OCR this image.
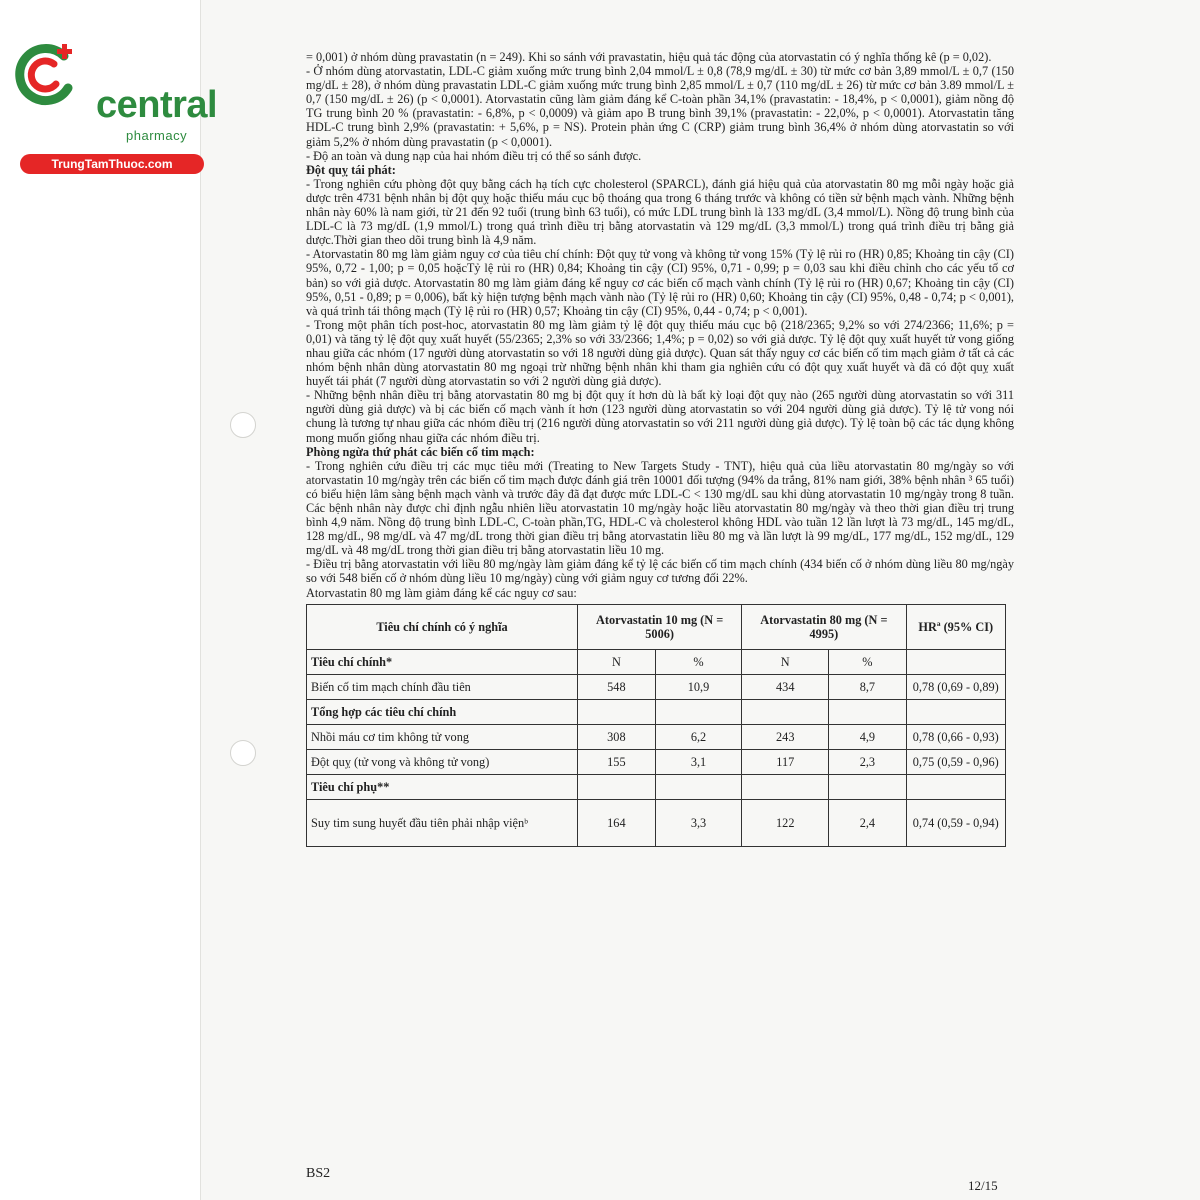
central
pharmacy
TrungTamThuoc.com

= 0,001) ở nhóm dùng pravastatin (n = 249). Khi so sánh với pravastatin, hiệu quả tác động của atorvastatin có ý nghĩa thống kê (p = 0,02).

- Ở nhóm dùng atorvastatin, LDL-C giảm xuống mức trung bình 2,04 mmol/L ± 0,8 (78,9 mg/dL ± 30) từ mức cơ bản 3,89 mmol/L ± 0,7 (150 mg/dL ± 28), ở nhóm dùng pravastatin LDL-C giảm xuống mức trung bình 2,85 mmol/L ± 0,7 (110 mg/dL ± 26) từ mức cơ bản 3.89 mmol/L ± 0,7 (150 mg/dL ± 26) (p < 0,0001). Atorvastatin cũng làm giảm đáng kể C-toàn phần 34,1% (pravastatin: - 18,4%, p < 0,0001), giảm nồng độ TG trung bình 20 % (pravastatin: - 6,8%, p < 0,0009) và giảm apo B trung bình 39,1% (pravastatin: - 22,0%, p < 0,0001). Atorvastatin tăng HDL-C trung bình 2,9% (pravastatin: + 5,6%, p = NS). Protein phản ứng C (CRP) giảm trung bình 36,4% ở nhóm dùng atorvastatin so với giảm 5,2% ở nhóm dùng pravastatin (p < 0,0001).

- Độ an toàn và dung nạp của hai nhóm điều trị có thể so sánh được.

Đột quỵ tái phát:

- Trong nghiên cứu phòng đột quỵ bằng cách hạ tích cực cholesterol (SPARCL), đánh giá hiệu quả của atorvastatin 80 mg mỗi ngày hoặc giả dược trên 4731 bệnh nhân bị đột quỵ hoặc thiếu máu cục bộ thoáng qua trong 6 tháng trước và không có tiền sử bệnh mạch vành. Những bệnh nhân này 60% là nam giới, từ 21 đến 92 tuổi (trung bình 63 tuổi), có mức LDL trung bình là 133 mg/dL (3,4 mmol/L). Nồng độ trung bình của LDL-C là 73 mg/dL (1,9 mmol/L) trong quá trình điều trị bằng atorvastatin và 129 mg/dL (3,3 mmol/L) trong quá trình điều trị bằng giả dược.Thời gian theo dõi trung bình là 4,9 năm.

- Atorvastatin 80 mg làm giảm nguy cơ của tiêu chí chính: Đột quỵ tử vong và không tử vong 15% (Tỷ lệ rủi ro (HR) 0,85; Khoảng tin cậy (CI) 95%, 0,72 - 1,00; p = 0,05 hoặcTỷ lệ rủi ro (HR) 0,84; Khoảng tin cậy (CI) 95%, 0,71 - 0,99; p = 0,03 sau khi điều chỉnh cho các yếu tố cơ bản) so với giả dược. Atorvastatin 80 mg làm giảm đáng kể nguy cơ các biến cố mạch vành chính (Tỷ lệ rủi ro (HR) 0,67; Khoảng tin cậy (CI) 95%, 0,51 - 0,89; p = 0,006), bất kỳ hiện tượng bệnh mạch vành nào (Tỷ lệ rủi ro (HR) 0,60; Khoảng tin cậy (CI) 95%, 0,48 - 0,74; p < 0,001), và quá trình tái thông mạch (Tỷ lệ rủi ro (HR) 0,57; Khoảng tin cậy (CI) 95%, 0,44 - 0,74; p < 0,001).

- Trong một phân tích post-hoc, atorvastatin 80 mg làm giảm tỷ lệ đột quỵ thiếu máu cục bộ (218/2365; 9,2% so với 274/2366; 11,6%; p = 0,01) và tăng tỷ lệ đột quỵ xuất huyết (55/2365; 2,3% so với 33/2366; 1,4%; p = 0,02) so với giả dược. Tỷ lệ đột quỵ xuất huyết tử vong giống nhau giữa các nhóm (17 người dùng atorvastatin so với 18 người dùng giả dược). Quan sát thấy nguy cơ các biến cố tim mạch giảm ở tất cả các nhóm bệnh nhân dùng atorvastatin 80 mg ngoại trừ những bệnh nhân khi tham gia nghiên cứu có đột quỵ xuất huyết và đã có đột quỵ xuất huyết tái phát (7 người dùng atorvastatin so với 2 người dùng giả dược).

- Những bệnh nhân điều trị bằng atorvastatin 80 mg bị đột quỵ ít hơn dù là bất kỳ loại đột quỵ nào (265 người dùng atorvastatin so với 311 người dùng giả dược) và bị các biến cố mạch vành ít hơn (123 người dùng atorvastatin so với 204 người dùng giả dược). Tỷ lệ tử vong nói chung là tương tự nhau giữa các nhóm điều trị (216 người dùng atorvastatin so với 211 người dùng giả dược). Tỷ lệ toàn bộ các tác dụng không mong muốn giống nhau giữa các nhóm điều trị.

Phòng ngừa thứ phát các biến cố tim mạch:

- Trong nghiên cứu điều trị các mục tiêu mới (Treating to New Targets Study - TNT), hiệu quả của liều atorvastatin 80 mg/ngày so với atorvastatin 10 mg/ngày trên các biến cố tim mạch được đánh giá trên 10001 đối tượng (94% da trắng, 81% nam giới, 38% bệnh nhân ³ 65 tuổi) có biểu hiện lâm sàng bệnh mạch vành và trước đây đã đạt được mức LDL-C < 130 mg/dL sau khi dùng atorvastatin 10 mg/ngày trong 8 tuần. Các bệnh nhân này được chỉ định ngẫu nhiên liều atorvastatin 10 mg/ngày hoặc liều atorvastatin 80 mg/ngày và theo thời gian điều trị trung bình 4,9 năm. Nồng độ trung bình LDL-C, C-toàn phần,TG, HDL-C và cholesterol không HDL vào tuần 12 lần lượt là 73 mg/dL, 145 mg/dL, 128 mg/dL, 98 mg/dL và 47 mg/dL trong thời gian điều trị bằng atorvastatin liều 80 mg và lần lượt là 99 mg/dL, 177 mg/dL, 152 mg/dL, 129 mg/dL và 48 mg/dL trong thời gian điều trị bằng atorvastatin liều 10 mg.

- Điều trị bằng atorvastatin với liều 80 mg/ngày làm giảm đáng kể tỷ lệ các biến cố tim mạch chính (434 biến cố ở nhóm dùng liều 80 mg/ngày so với 548 biến cố ở nhóm dùng liều 10 mg/ngày) cùng với giảm nguy cơ tương đối 22%.

Atorvastatin 80 mg làm giảm đáng kể các nguy cơ sau:

Tiêu chí chính có ý nghĩa	Atorvastatin 10 mg (N = 5006)		Atorvastatin 80 mg (N = 4995)		HRª (95% CI)
Tiêu chí chính*	N	%	N	%	
Biến cố tim mạch chính đầu tiên	548	10,9	434	8,7	0,78 (0,69 - 0,89)
Tổng hợp các tiêu chí chính					
Nhồi máu cơ tim không tử vong	308	6,2	243	4,9	0,78 (0,66 - 0,93)
Đột quỵ (tử vong và không tử vong)	155	3,1	117	2,3	0,75 (0,59 - 0,96)
Tiêu chí phụ**					
Suy tim sung huyết đầu tiên phải nhập việnᵇ	164	3,3	122	2,4	0,74 (0,59 - 0,94)
BS2
12/15
